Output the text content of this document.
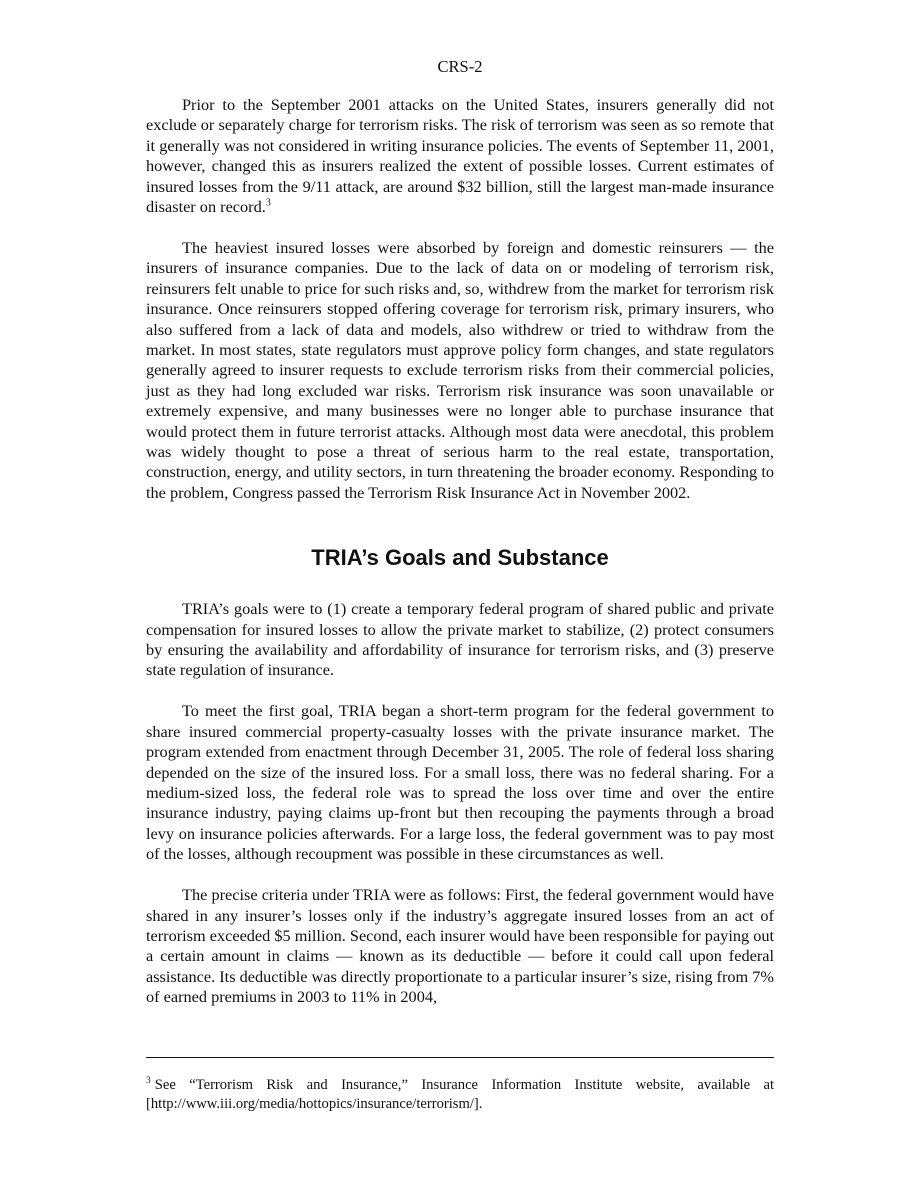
CRS-2

Prior to the September 2001 attacks on the United States, insurers generally did not exclude or separately charge for terrorism risks. The risk of terrorism was seen as so remote that it generally was not considered in writing insurance policies. The events of September 11, 2001, however, changed this as insurers realized the extent of possible losses. Current estimates of insured losses from the 9/11 attack, are around $32 billion, still the largest man-made insurance disaster on record.$^3$

The heaviest insured losses were absorbed by foreign and domestic reinsurers — the insurers of insurance companies. Due to the lack of data on or modeling of terrorism risk, reinsurers felt unable to price for such risks and, so, withdrew from the market for terrorism risk insurance. Once reinsurers stopped offering coverage for terrorism risk, primary insurers, who also suffered from a lack of data and models, also withdrew or tried to withdraw from the market. In most states, state regulators must approve policy form changes, and state regulators generally agreed to insurer requests to exclude terrorism risks from their commercial policies, just as they had long excluded war risks. Terrorism risk insurance was soon unavailable or extremely expensive, and many businesses were no longer able to purchase insurance that would protect them in future terrorist attacks. Although most data were anecdotal, this problem was widely thought to pose a threat of serious harm to the real estate, transportation, construction, energy, and utility sectors, in turn threatening the broader economy. Responding to the problem, Congress passed the Terrorism Risk Insurance Act in November 2002.

TRIA’s Goals and Substance

TRIA’s goals were to (1) create a temporary federal program of shared public and private compensation for insured losses to allow the private market to stabilize, (2) protect consumers by ensuring the availability and affordability of insurance for terrorism risks, and (3) preserve state regulation of insurance.

To meet the first goal, TRIA began a short-term program for the federal government to share insured commercial property-casualty losses with the private insurance market. The program extended from enactment through December 31, 2005. The role of federal loss sharing depended on the size of the insured loss. For a small loss, there was no federal sharing. For a medium-sized loss, the federal role was to spread the loss over time and over the entire insurance industry, paying claims up-front but then recouping the payments through a broad levy on insurance policies afterwards. For a large loss, the federal government was to pay most of the losses, although recoupment was possible in these circumstances as well.

The precise criteria under TRIA were as follows: First, the federal government would have shared in any insurer’s losses only if the industry’s aggregate insured losses from an act of terrorism exceeded $5 million. Second, each insurer would have been responsible for paying out a certain amount in claims — known as its deductible — before it could call upon federal assistance. Its deductible was directly proportionate to a particular insurer’s size, rising from 7% of earned premiums in 2003 to 11% in 2004,

$^3$ See “Terrorism Risk and Insurance,” Insurance Information Institute website, available at [http://www.iii.org/media/hottopics/insurance/terrorism/].
